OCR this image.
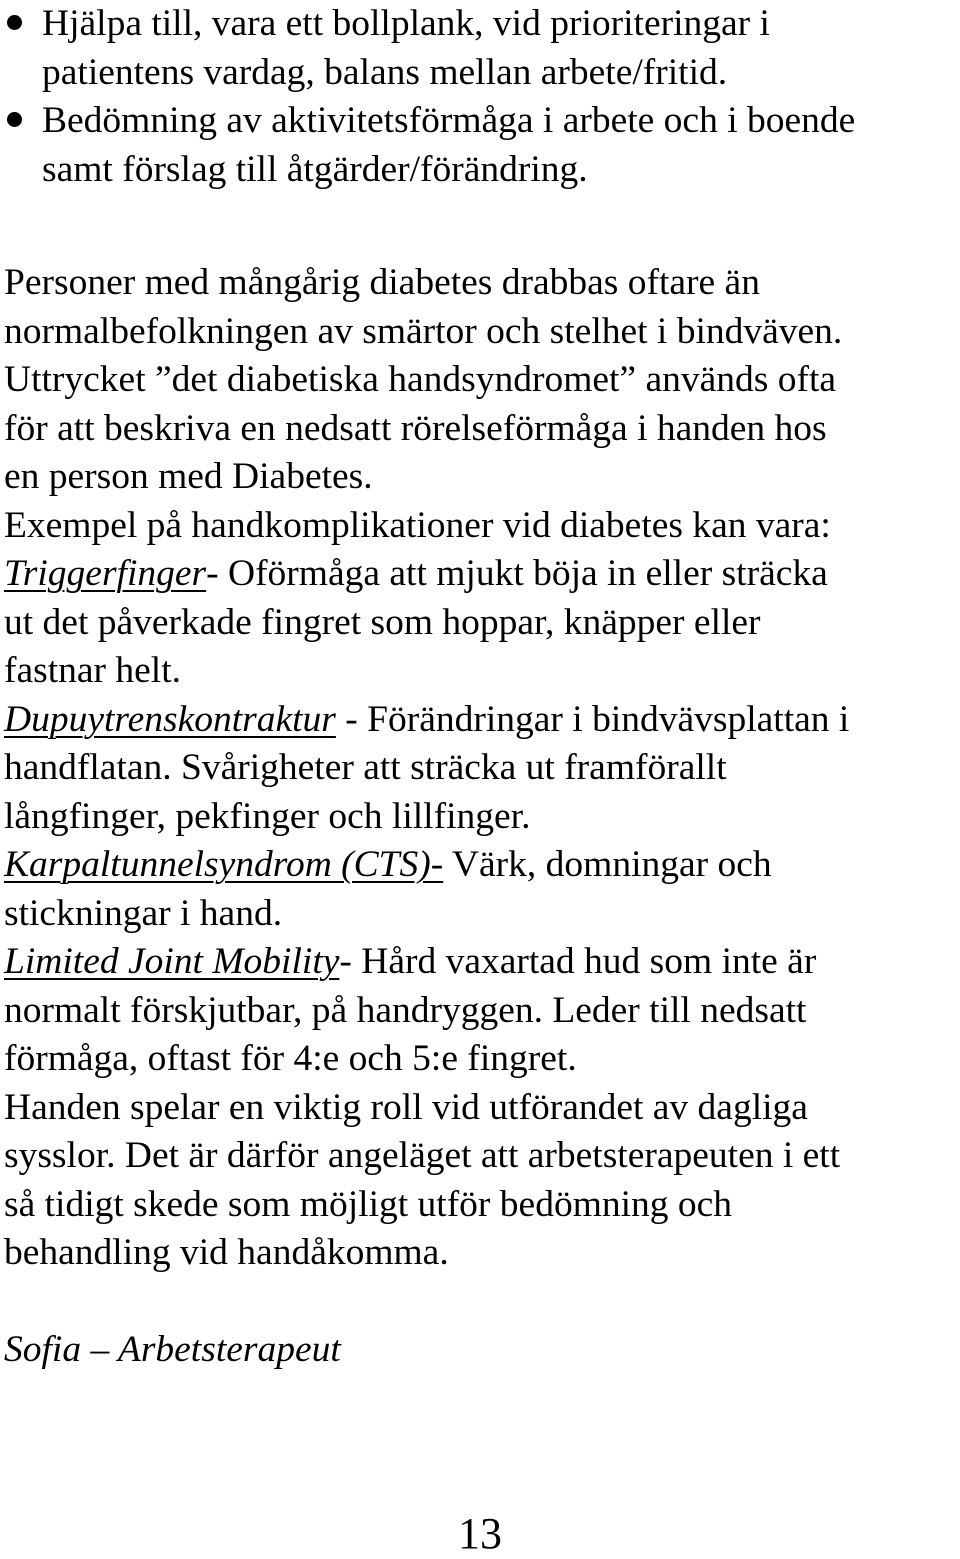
Hjälpa till, vara ett bollplank, vid prioriteringar i
patientens vardag, balans mellan arbete/fritid.
Bedömning av aktivitetsförmåga i arbete och i boende
samt förslag till åtgärder/förändring.
Personer med mångårig diabetes drabbas oftare än
normalbefolkningen av smärtor och stelhet i bindväven.
Uttrycket ”det diabetiska handsyndromet” används ofta
för att beskriva en nedsatt rörelseförmåga i handen hos
en person med Diabetes.
Exempel på handkomplikationer vid diabetes kan vara:
Triggerfinger- Oförmåga att mjukt böja in eller sträcka
ut det påverkade fingret som hoppar, knäpper eller
fastnar helt.
Dupuytrenskontraktur - Förändringar i bindvävsplattan i
handflatan. Svårigheter att sträcka ut framförallt
långfinger, pekfinger och lillfinger.
Karpaltunnelsyndrom (CTS)- Värk, domningar och
stickningar i hand.
Limited Joint Mobility- Hård vaxartad hud som inte är
normalt förskjutbar, på handryggen. Leder till nedsatt
förmåga, oftast för 4:e och 5:e fingret.
Handen spelar en viktig roll vid utförandet av dagliga
sysslor. Det är därför angeläget att arbetsterapeuten i ett
så tidigt skede som möjligt utför bedömning och
behandling vid handåkomma.
Sofia – Arbetsterapeut
13
